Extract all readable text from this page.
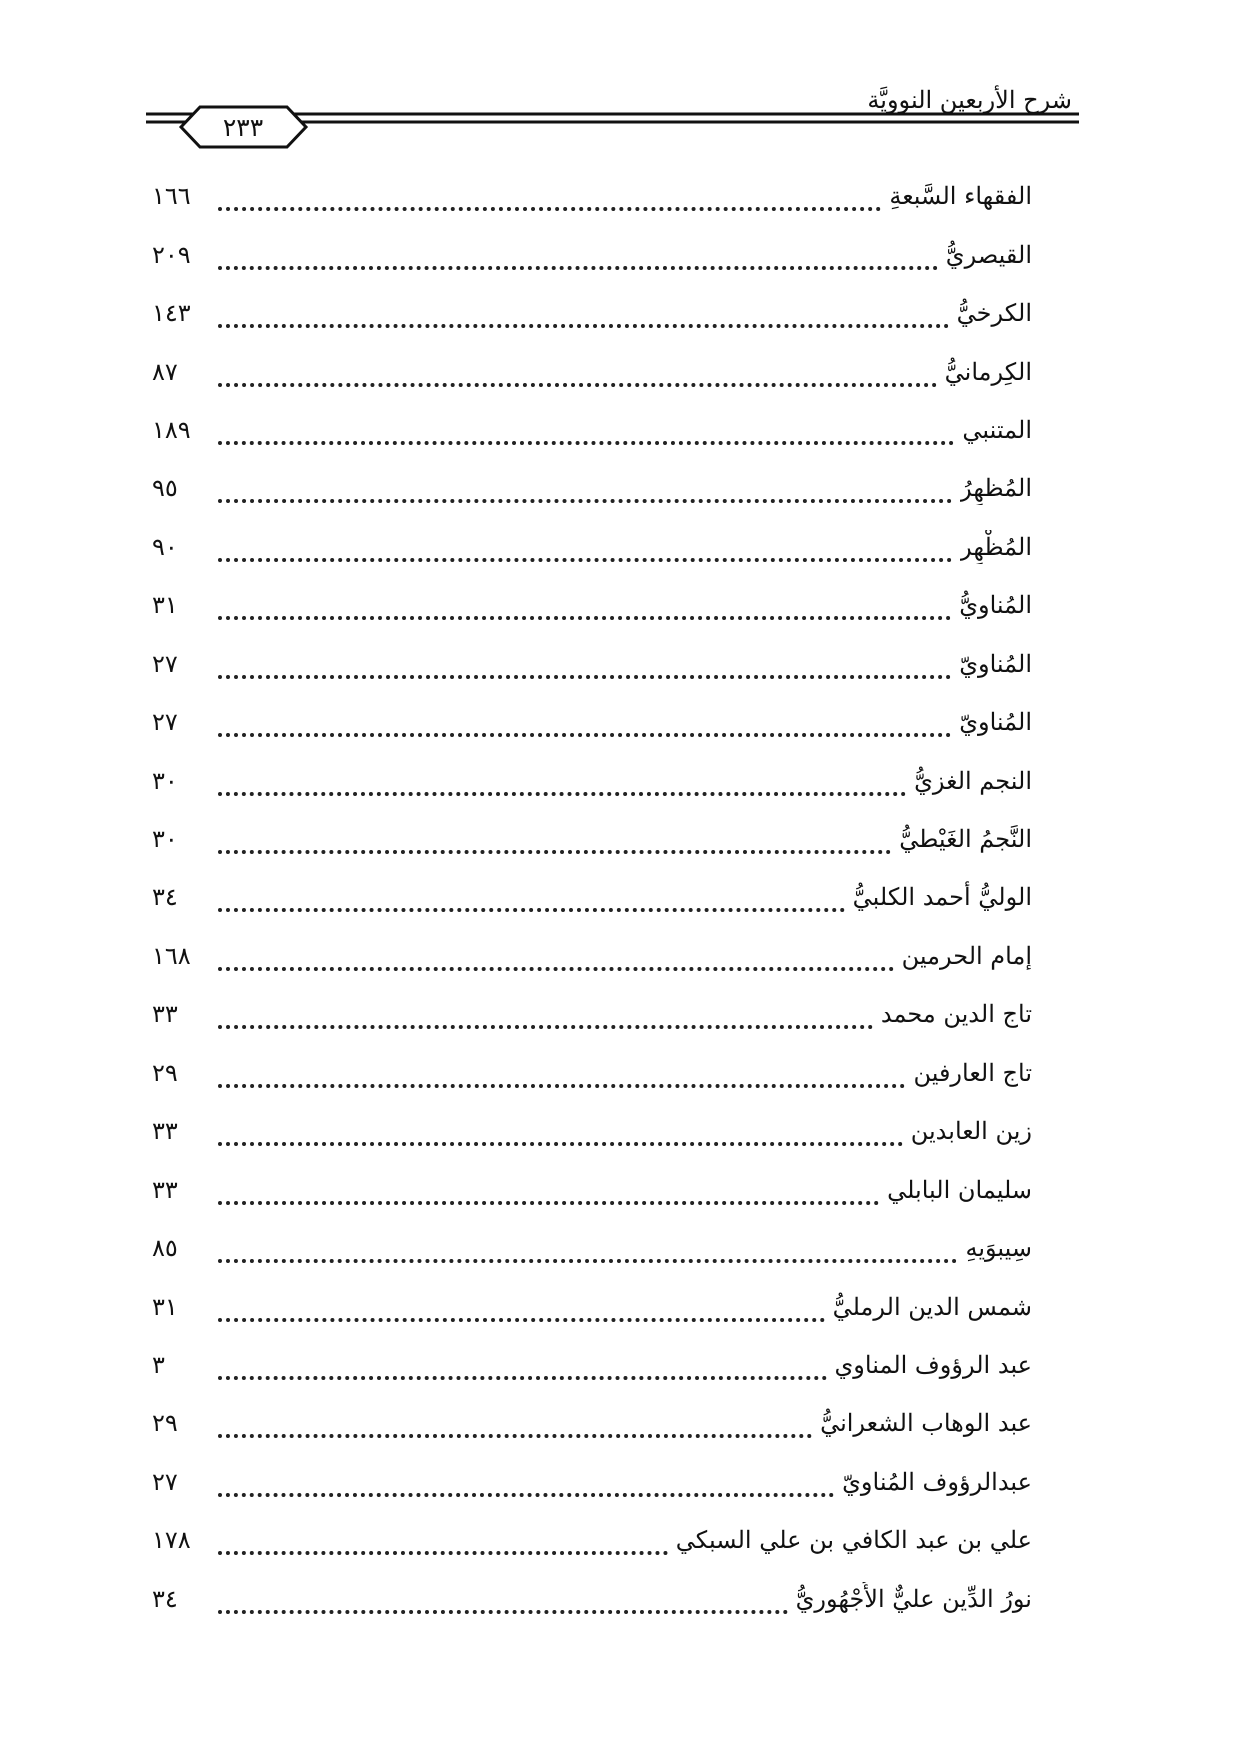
شرح الأربعين النوويَّة
٢٣٣
الفقهاء السَّبعةِ
١٦٦
القيصريُّ
٢٠٩
الكرخيُّ
١٤٣
الكِرمانيُّ
٨٧
المتنبي
١٨٩
المُظهِرُ
٩٥
المُظْهِر
٩٠
المُناويُّ
٣١
المُناويّ
٢٧
المُناويّ
٢٧
النجم الغزيُّ
٣٠
النَّجمُ الغَيْطيُّ
٣٠
الوليُّ أحمد الكلبيُّ
٣٤
إمام الحرمين
١٦٨
تاج الدين محمد
٣٣
تاج العارفين
٢٩
زين العابدين
٣٣
سليمان البابلي
٣٣
سِيبوَيهِ
٨٥
شمس الدين الرمليُّ
٣١
عبد الرؤوف المناوي
٣
عبد الوهاب الشعرانيُّ
٢٩
عبدالرؤوف المُناويّ
٢٧
علي بن عبد الكافي بن علي السبكي
١٧٨
نورُ الدِّين عليٌّ الأُجْهُوريُّ
٣٤
